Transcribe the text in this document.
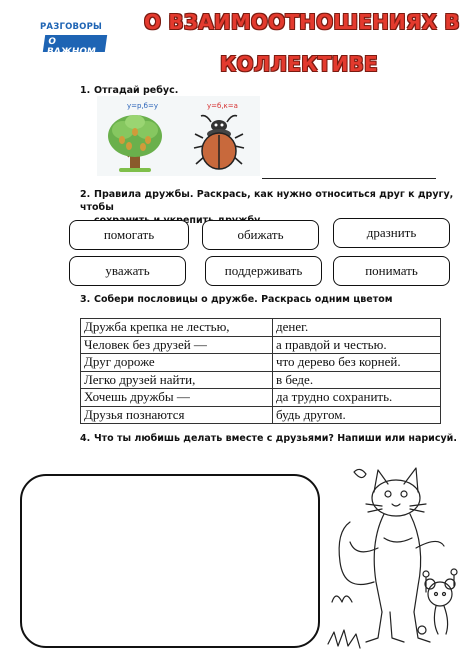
РАЗГОВОРЫ
О ВАЖНОМ
О ВЗАИМООТНОШЕНИЯХ В
КОЛЛЕКТИВЕ
1. Отгадай ребус.
у=р,б=у	у=б,к=а
2. Правила дружбы. Раскрась, как нужно относиться друг к другу, чтобы
укрепить
помогать	обижать	дразнить
уважать	поддерживать	понимать
3. Собери пословицы о дружбе. Раскрась одним цветом
Дружба крепка не лестью,	денег.
Человек без друзей —	а правдой и честью.
Друг дороже	что дерево без корней.
Легко друзей найти,	в беде.
Хочешь дружбы —	да трудно сохранить.
Друзья познаются	будь другом.
4. Что ты любишь делать вместе с друзьями? Напиши или нарисуй.
